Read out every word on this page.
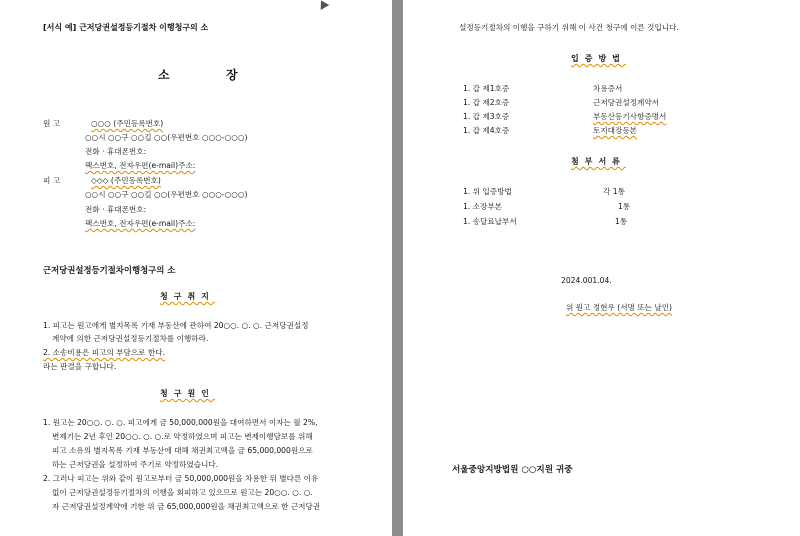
[서식 예] 근저당권설정등기절차 이행청구의 소
소	장
원 고	○○○ (주민등록번호)
○○시 ○○구 ○○길 ○○(우편번호 ○○○-○○○)
전화 · 휴대폰번호:
팩스번호, 전자우편(e-mail)주소:
피 고	◇◇◇ (주민등록번호)
○○시 ○○구 ○○길 ○○(우편번호 ○○○-○○○)
전화 · 휴대폰번호:
팩스번호, 전자우편(e-mail)주소:
근저당권설정등기절차이행청구의 소
청구취지
1. 피고는 원고에게 별지목록 기재 부동산에 관하여 20○○. ○. ○. 근저당권설정
계약에 의한 근저당권설정등기절차를 이행하라.
2. 소송비용은 피고의 부담으로 한다.
라는 판결을 구합니다.
청구원인
1. 원고는 20○○. ○. ○. 피고에게 금 50,000,000원을 대여하면서 이자는 월 2%,
변제기는 2년 후인 20○○. ○. ○.로 약정하였으며 피고는 변제이행담보를 위해
피고 소유의 별지목록 기재 부동산에 대해 채권최고액을 금 65,000,000원으로
하는 근저당권을 설정하여 주기로 약정하였습니다.
2. 그러나 피고는 위와 같이 원고로부터 금 50,000,000원을 차용한 뒤 별다른 이유
없이 근저당권설정등기절차의 이행을 회피하고 있으므로 원고는 20○○. ○. ○.
자 근저당권설정계약에 기한 위 금 65,000,000원을 채권최고액으로 한 근저당권
설정등기절차의 이행을 구하기 위해 이 사건 청구에 이른 것입니다.
입증방법
1. 갑 제1호증	차용증서
1. 갑 제2호증	근저당권설정계약서
1. 갑 제3호증	부동산등기사항증명서
1. 갑 제4호증	토지대장등본
첨부서류
1. 위 입증방법	각 1통
1. 소장부본	1통
1. 송달료납부서	1통
2024.001.04.
위 원고 정현우 (서명 또는 날인)
서울중앙지방법원 ○○지원 귀중
